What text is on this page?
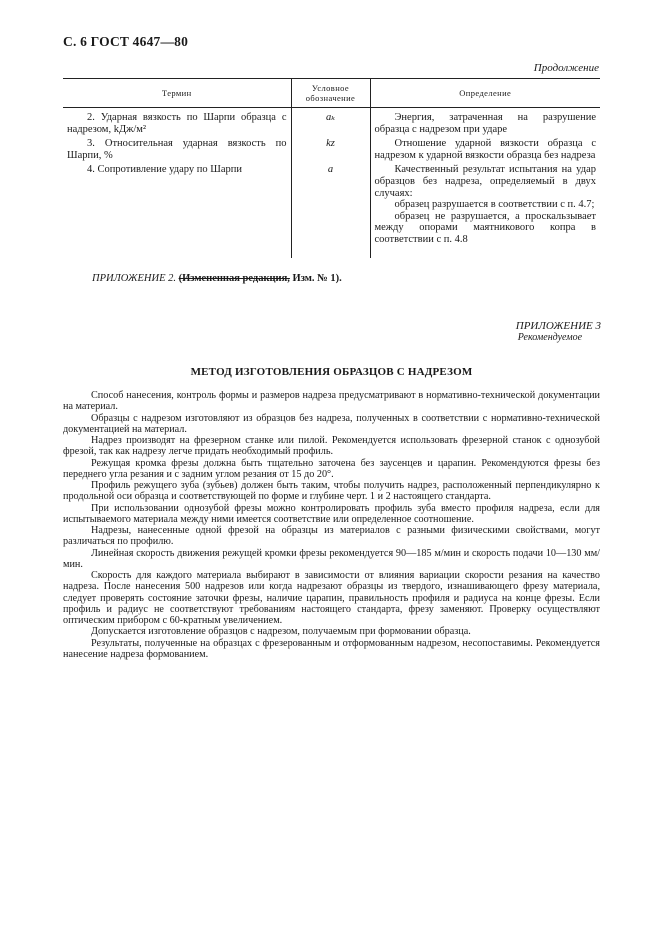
С. 6 ГОСТ 4647—80
Продолжение
Термин	Условное обозначение	Определение
2. Ударная вязкость по Шарпи образца с надрезом, kДж/м²	aₖ	Энергия, затраченная на разрушение образца с надрезом при ударе

3. Относительная ударная вязкость по Шарпи, %	kz	Отношение ударной вязкости образца с надрезом к ударной вязкости образца без надреза

4. Сопротивление удару по Шарпи	a	Качественный результат испытания на удар образцов без надреза, определяемый в двух случаях:
образец разрушается в соответствии с п. 4.7;
образец не разрушается, а проскальзывает между опорами маятникового копра в соответствии с п. 4.8
ПРИЛОЖЕНИЕ 2. (Измененная редакция, Изм. № 1).
ПРИЛОЖЕНИЕ 3
Рекомендуемое
МЕТОД ИЗГОТОВЛЕНИЯ ОБРАЗЦОВ С НАДРЕЗОМ

Способ нанесения, контроль формы и размеров надреза предусматривают в нормативно-технической документации на материал.

Образцы с надрезом изготовляют из образцов без надреза, полученных в соответствии с нормативно-технической документацией на материал.

Надрез производят на фрезерном станке или пилой. Рекомендуется использовать фрезерной станок с однозубой фрезой, так как надрезу легче придать необходимый профиль.

Режущая кромка фрезы должна быть тщательно заточена без заусенцев и царапин. Рекомендуются фрезы без переднего угла резания и с задним углом резания от 15 до 20°.

Профиль режущего зуба (зубьев) должен быть таким, чтобы получить надрез, расположенный перпендикулярно к продольной оси образца и соответствующей по форме и глубине черт. 1 и 2 настоящего стандарта.

При использовании однозубой фрезы можно контролировать профиль зуба вместо профиля надреза, если для испытываемого материала между ними имеется соответствие или определенное соотношение.

Надрезы, нанесенные одной фрезой на образцы из материалов с разными физическими свойствами, могут различаться по профилю.

Линейная скорость движения режущей кромки фрезы рекомендуется 90—185 м/мин и скорость подачи 10—130 мм/мин.

Скорость для каждого материала выбирают в зависимости от влияния вариации скорости резания на качество надреза. После нанесения 500 надрезов или когда надрезают образцы из твердого, изнашивающего фрезу материала, следует проверять состояние заточки фрезы, наличие царапин, правильность профиля и радиуса на конце фрезы. Если профиль и радиус не соответствуют требованиям настоящего стандарта, фрезу заменяют. Проверку осуществляют оптическим прибором с 60-кратным увеличением.

Допускается изготовление образцов с надрезом, получаемым при формовании образца.

Результаты, полученные на образцах с фрезерованным и отформованным надрезом, несопоставимы. Рекомендуется нанесение надреза формованием.
